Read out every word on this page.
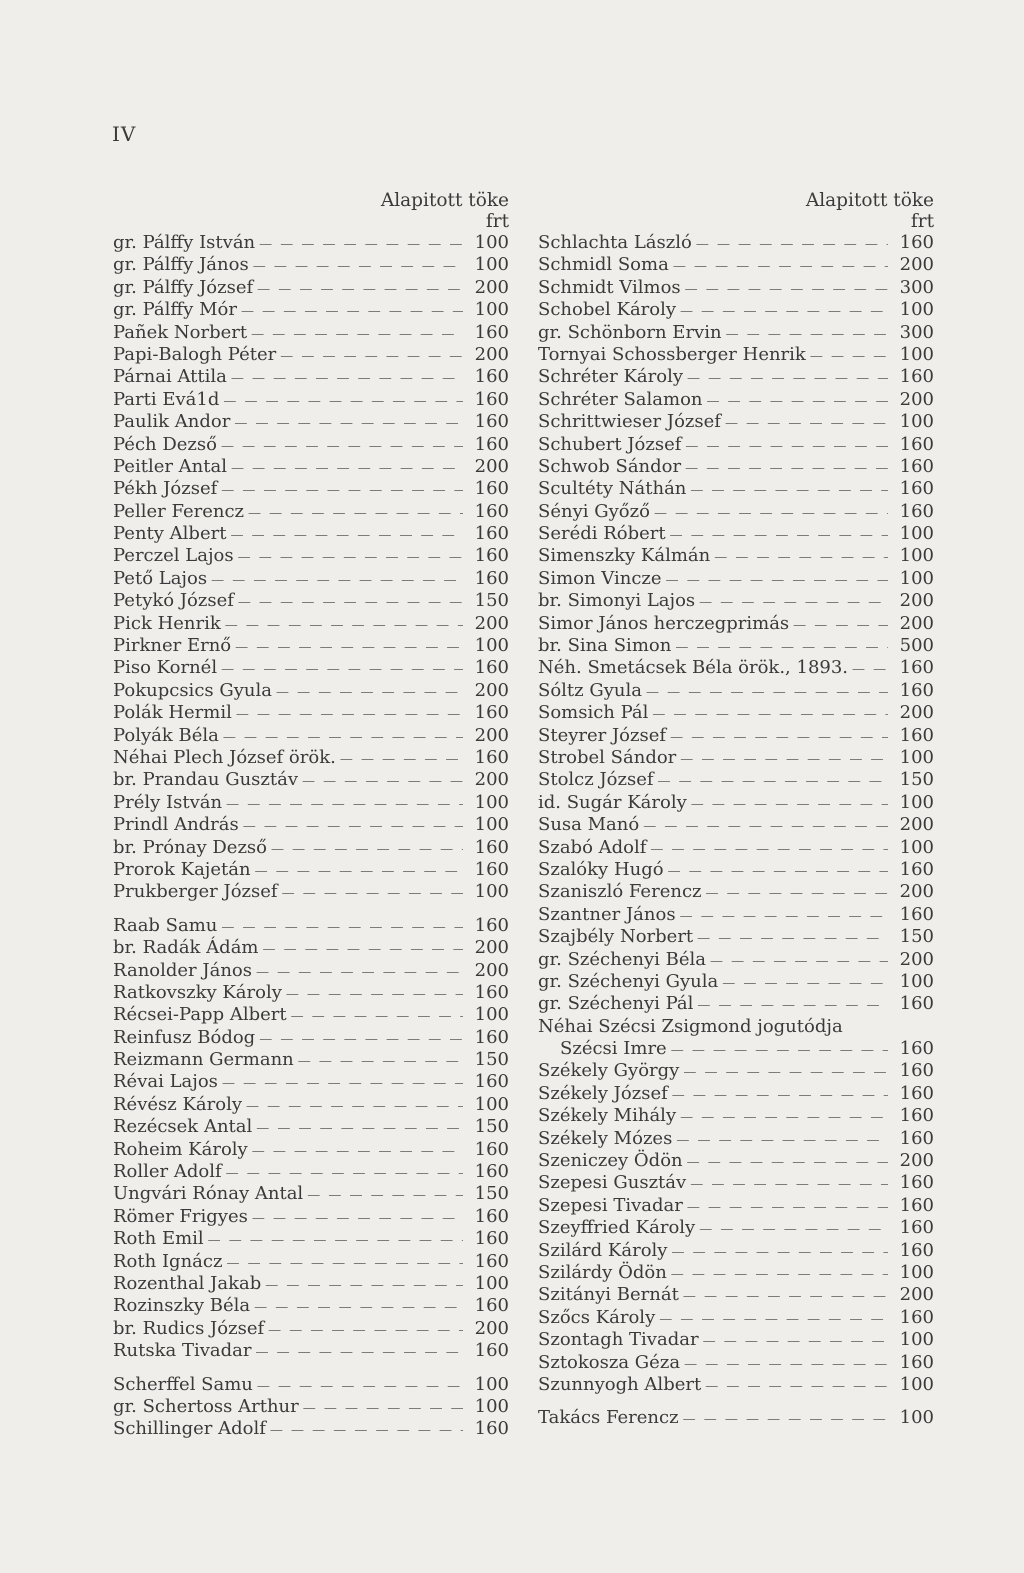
IV
Alapitott töke
frt
gr. Pálffy István — — —	100
gr. Pálffy János — — —	100
gr. Pálffy József — — —	200
gr. Pálffy Mór — — —	100
Pañek Norbert — — —	160
Papi-Balogh Péter — — —	200
Párnai Attila — — —	160
Parti Evá1d — — —	160
Paulik Andor — — —	160
Péch Dezső — — —	160
Peitler Antal — — —	200
Pékh József — — —	160
Peller Ferencz — — —	160
Penty Albert — — —	160
Perczel Lajos — — —	160
Pető Lajos — — —	160
Petykó József — — —	150
Pick Henrik — — —	200
Pirkner Ernő — — —	100
Piso Kornél — — —	160
Pokupcsics Gyula — — —	200
Polák Hermil — — —	160
Polyák Béla — — —	200
Néhai Plech József örök. — — —	160
br. Prandau Gusztáv — — —	200
Prély István — — —	100
Prindl András — — —	100
br. Prónay Dezső — — —	160
Prorok Kajetán — — —	160
Prukberger József — — —	100
Raab Samu — — —	160
br. Radák Ádám — — —	200
Ranolder János — — —	200
Ratkovszky Károly — — —	160
Récsei-Papp Albert — — —	100
Reinfusz Bódog — — —	160
Reizmann Germann — — —	150
Révai Lajos — — —	160
Révész Károly — — —	100
Rezécsek Antal — — —	150
Roheim Károly — — —	160
Roller Adolf — — —	160
Ungvári Rónay Antal — — —	150
Römer Frigyes — — —	160
Roth Emil — — —	160
Roth Ignácz — — —	160
Rozenthal Jakab — — —	100
Rozinszky Béla — — —	160
br. Rudics József — — —	200
Rutska Tivadar — — —	160
Scherffel Samu — — —	100
gr. Schertoss Arthur — — —	100
Schillinger Adolf — — —	160
Alapitott töke
frt
Schlachta László — — —	160
Schmidl Soma — — —	200
Schmidt Vilmos — — —	300
Schobel Károly — — —	100
gr. Schönborn Ervin — — —	300
Tornyai Schossberger Henrik — — —	100
Schréter Károly — — —	160
Schréter Salamon — — —	200
Schrittwieser József — — —	100
Schubert József — — —	160
Schwob Sándor — — —	160
Scultéty Náthán — — —	160
Sényi Győző — — —	160
Serédi Róbert — — —	100
Simenszky Kálmán — — —	100
Simon Vincze — — —	100
br. Simonyi Lajos — — —	200
Simor János herczegprimás — — —	200
br. Sina Simon — — —	500
Néh. Smetácsek Béla örök., 1893. — — —	160
Sóltz Gyula — — —	160
Somsich Pál — — —	200
Steyrer József — — —	160
Strobel Sándor — — —	100
Stolcz József — — —	150
id. Sugár Károly — — —	100
Susa Manó — — —	200
Szabó Adolf — — —	100
Szalóky Hugó — — —	160
Szaniszló Ferencz — — —	200
Szantner János — — —	160
Szajbély Norbert — — —	150
gr. Széchenyi Béla — — —	200
gr. Széchenyi Gyula — — —	100
gr. Széchenyi Pál — — —	160
Néhai Szécsi Zsigmond jogutódja
Szécsi Imre — — —	160
Székely György — — —	160
Székely József — — —	160
Székely Mihály — — —	160
Székely Mózes — — —	160
Szeniczey Ödön — — —	200
Szepesi Gusztáv — — —	160
Szepesi Tivadar — — —	160
Szeyffried Károly — — —	160
Szilárd Károly — — —	160
Szilárdy Ödön — — —	100
Szitányi Bernát — — —	200
Szőcs Károly — — —	160
Szontagh Tivadar — — —	100
Sztokosza Géza — — —	160
Szunnyogh Albert — — —	100
Takács Ferencz — — —	100
